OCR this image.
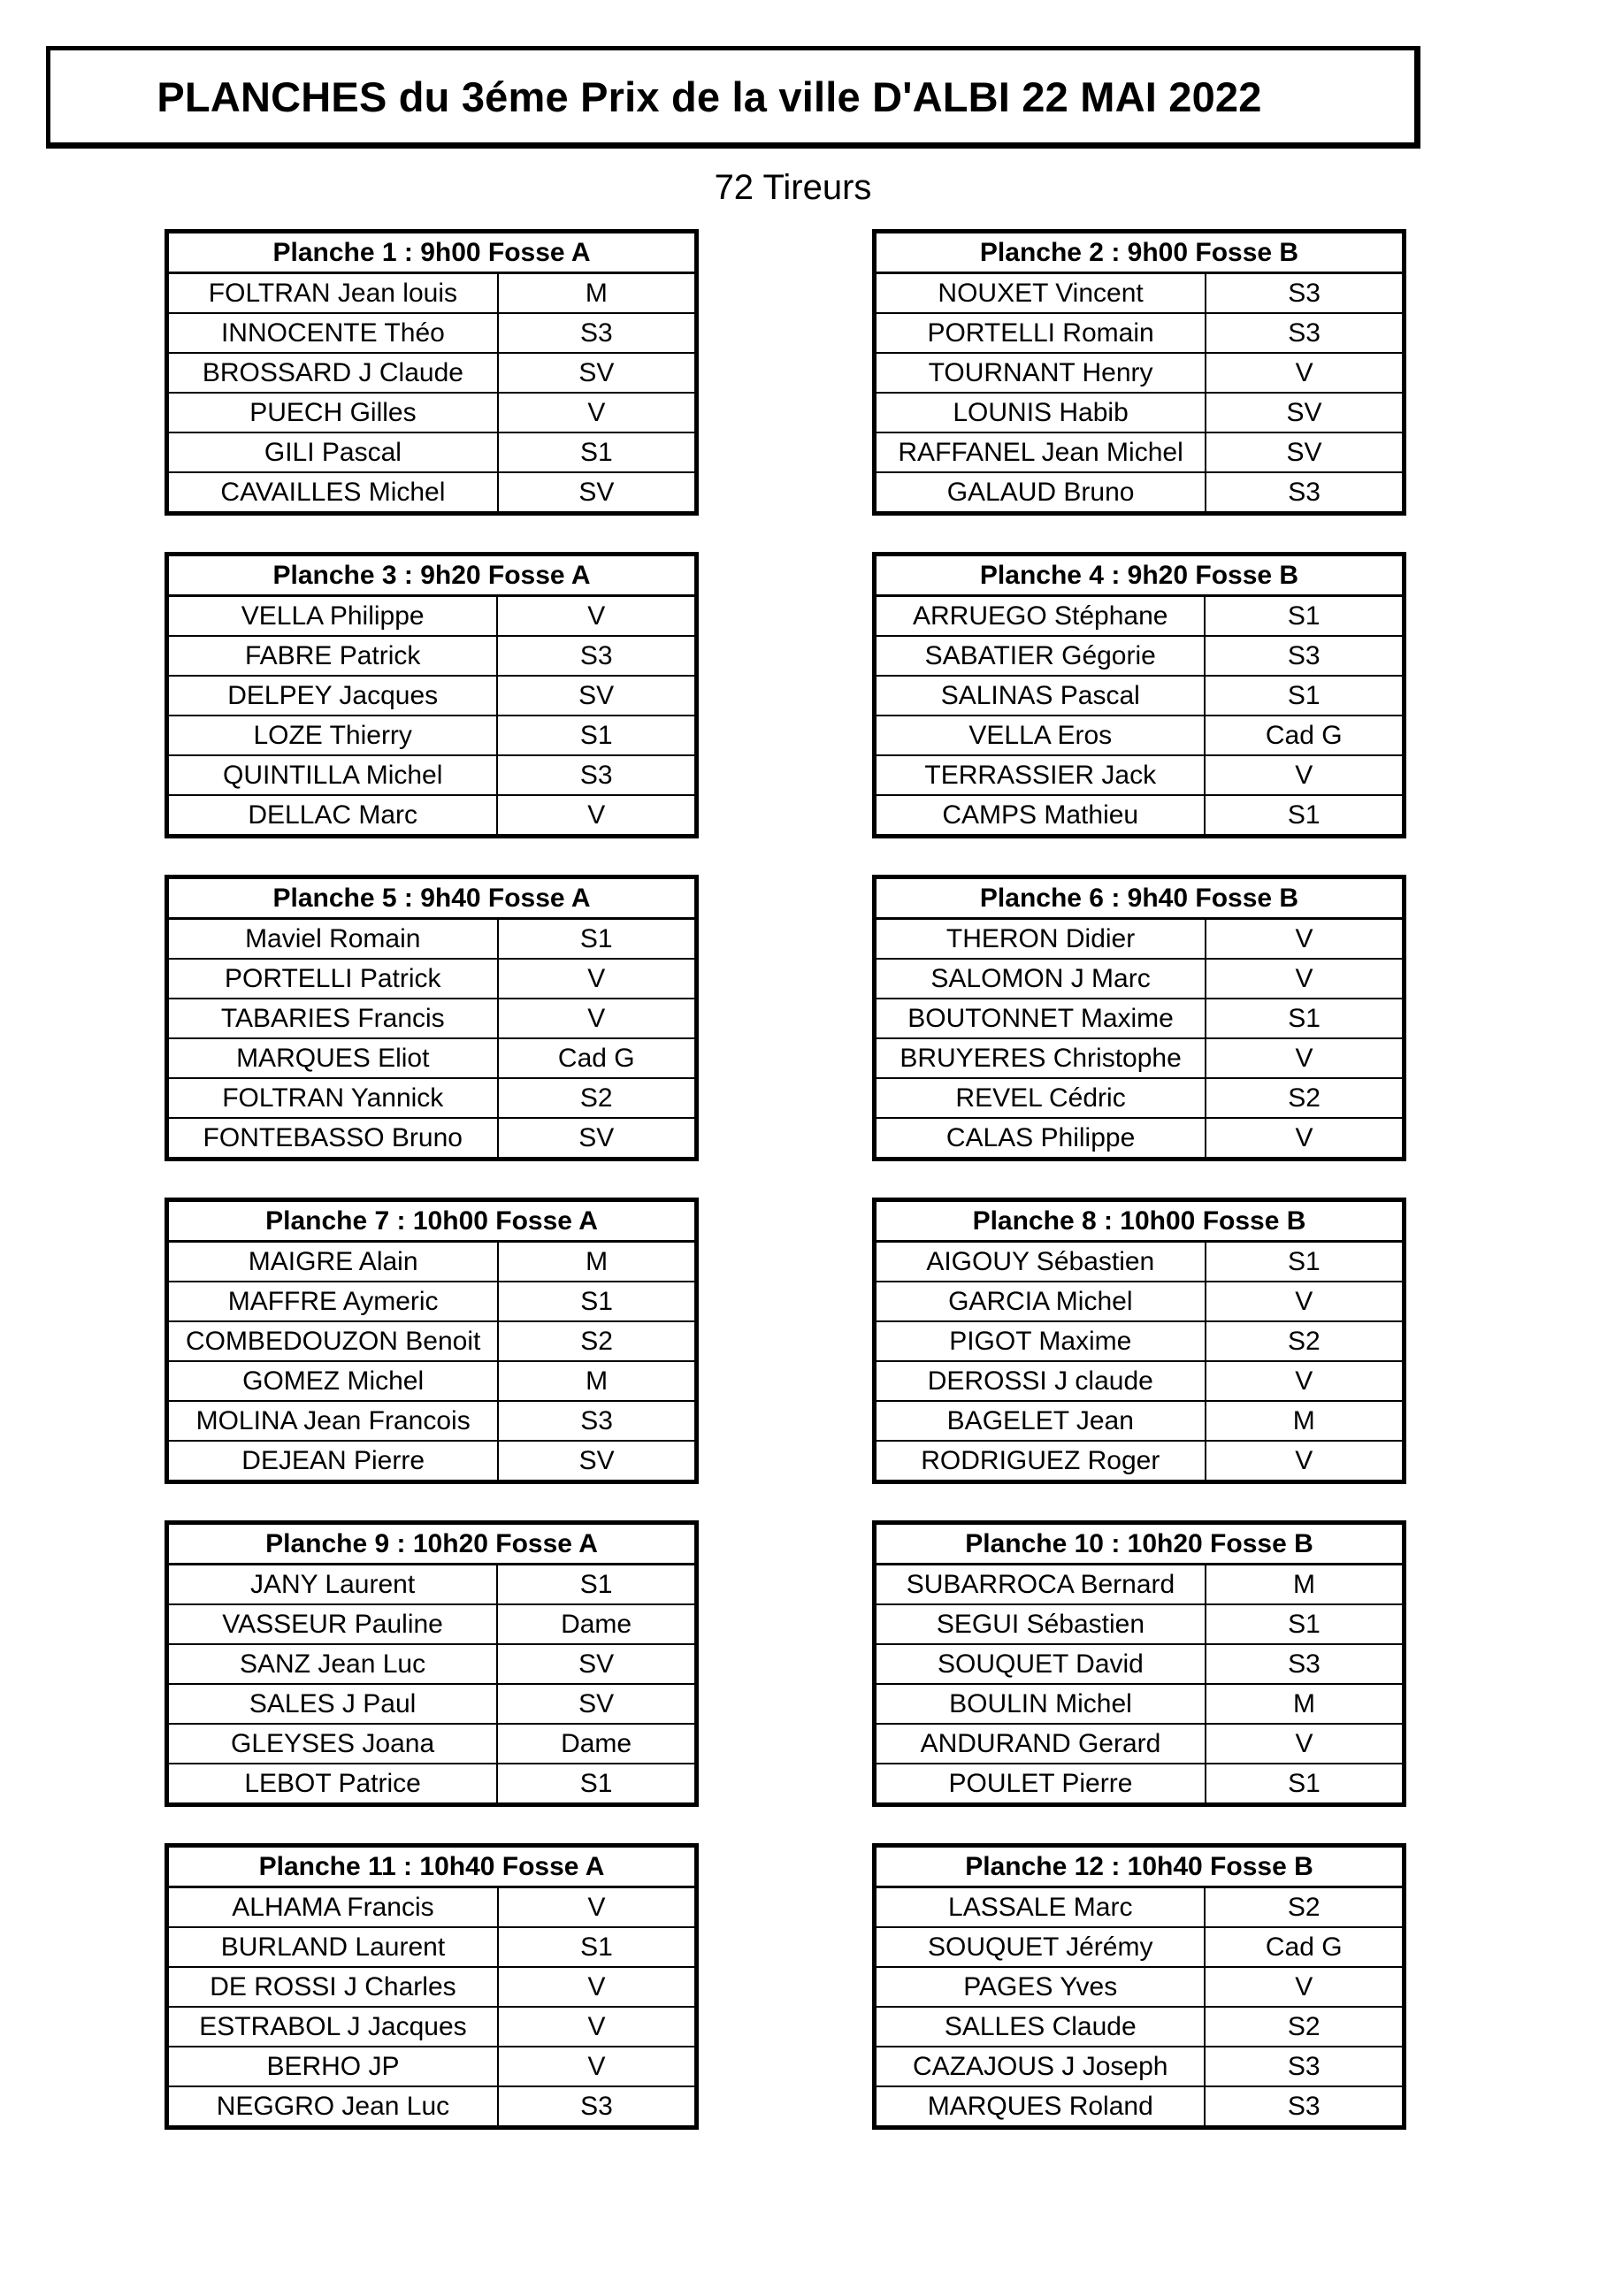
PLANCHES du 3éme Prix de la ville D'ALBI 22 MAI 2022
72 Tireurs
Planche 1 : 9h00 Fosse A	
FOLTRAN Jean louis	M
INNOCENTE Théo	S3
BROSSARD J Claude	SV
PUECH Gilles	V
GILI Pascal	S1
CAVAILLES Michel	SV
Planche 2 : 9h00 Fosse B	
NOUXET Vincent	S3
PORTELLI Romain	S3
TOURNANT Henry	V
LOUNIS Habib	SV
RAFFANEL Jean Michel	SV
GALAUD Bruno	S3
Planche 3 : 9h20 Fosse A	
VELLA Philippe	V
FABRE Patrick	S3
DELPEY Jacques	SV
LOZE Thierry	S1
QUINTILLA Michel	S3
DELLAC Marc	V
Planche 4 : 9h20 Fosse B	
ARRUEGO Stéphane	S1
SABATIER Gégorie	S3
SALINAS Pascal	S1
VELLA Eros	Cad G
TERRASSIER Jack	V
CAMPS Mathieu	S1
Planche 5 : 9h40 Fosse A	
Maviel Romain	S1
PORTELLI Patrick	V
TABARIES Francis	V
MARQUES Eliot	Cad G
FOLTRAN Yannick	S2
FONTEBASSO Bruno	SV
Planche 6 : 9h40 Fosse B	
THERON Didier	V
SALOMON J Marc	V
BOUTONNET Maxime	S1
BRUYERES Christophe	V
REVEL Cédric	S2
CALAS Philippe	V
Planche 7 : 10h00 Fosse A	
MAIGRE Alain	M
MAFFRE Aymeric	S1
COMBEDOUZON Benoit	S2
GOMEZ Michel	M
MOLINA Jean Francois	S3
DEJEAN Pierre	SV
Planche 8 : 10h00 Fosse B	
AIGOUY Sébastien	S1
GARCIA Michel	V
PIGOT Maxime	S2
DEROSSI J claude	V
BAGELET Jean	M
RODRIGUEZ Roger	V
Planche 9 : 10h20 Fosse A	
JANY Laurent	S1
VASSEUR Pauline	Dame
SANZ Jean Luc	SV
SALES J Paul	SV
GLEYSES Joana	Dame
LEBOT Patrice	S1
Planche 10 : 10h20 Fosse B	
SUBARROCA Bernard	M
SEGUI Sébastien	S1
SOUQUET David	S3
BOULIN Michel	M
ANDURAND Gerard	V
POULET Pierre	S1
Planche 11 : 10h40 Fosse A	
ALHAMA Francis	V
BURLAND Laurent	S1
DE ROSSI J Charles	V
ESTRABOL J Jacques	V
BERHO JP	V
NEGGRO Jean Luc	S3
Planche 12 : 10h40 Fosse B	
LASSALE Marc	S2
SOUQUET Jérémy	Cad G
PAGES Yves	V
SALLES Claude	S2
CAZAJOUS J Joseph	S3
MARQUES Roland	S3
